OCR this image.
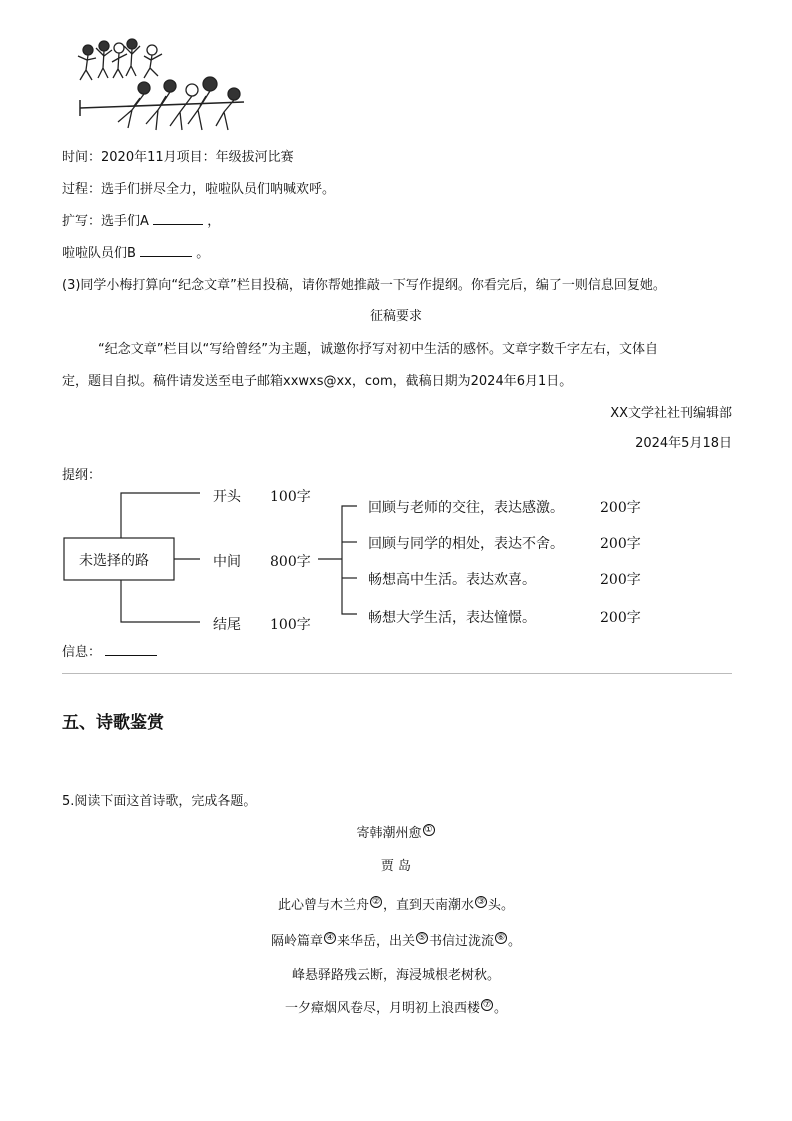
时间：2020年11月项目：年级拔河比赛
过程：选手们拼尽全力，啦啦队员们呐喊欢呼。
扩写：选手们A	，
啦啦队员们B	。
(3)同学小梅打算向“纪念文章”栏目投稿，请你帮她推敲一下写作提纲。你看完后，编了一则信息回复她。
征稿要求
“纪念文章”栏目以“写给曾经”为主题，诚邀你抒写对初中生活的感怀。文章字数千字左右，文体自
定，题目自拟。稿件请发送至电子邮箱xxwxs@xx，com，截稿日期为2024年6月1日。
XX文学社社刊编辑部
2024年5月18日
提纲：
未选择的路
开头 100字
中间 800字
结尾 100字
回顾与老师的交往，表达感激。	200字
回顾与同学的相处，表达不舍。	200字
畅想高中生活。表达欢喜。	200字
畅想大学生活，表达憧憬。	200字
信息：
五、诗歌鉴赏
5.阅读下面这首诗歌，完成各题。
寄韩潮州愈 ①
贾 岛
此心曾与木兰舟 ② ，直到天南潮水 ③ 头。
隔岭篇章 ④ 来华岳，出关 ⑤ 书信过泷流 ⑥ 。
峰悬驿路残云断，海浸城根老树秋。
一夕瘴烟风卷尽，月明初上浪西楼 ⑦ 。
